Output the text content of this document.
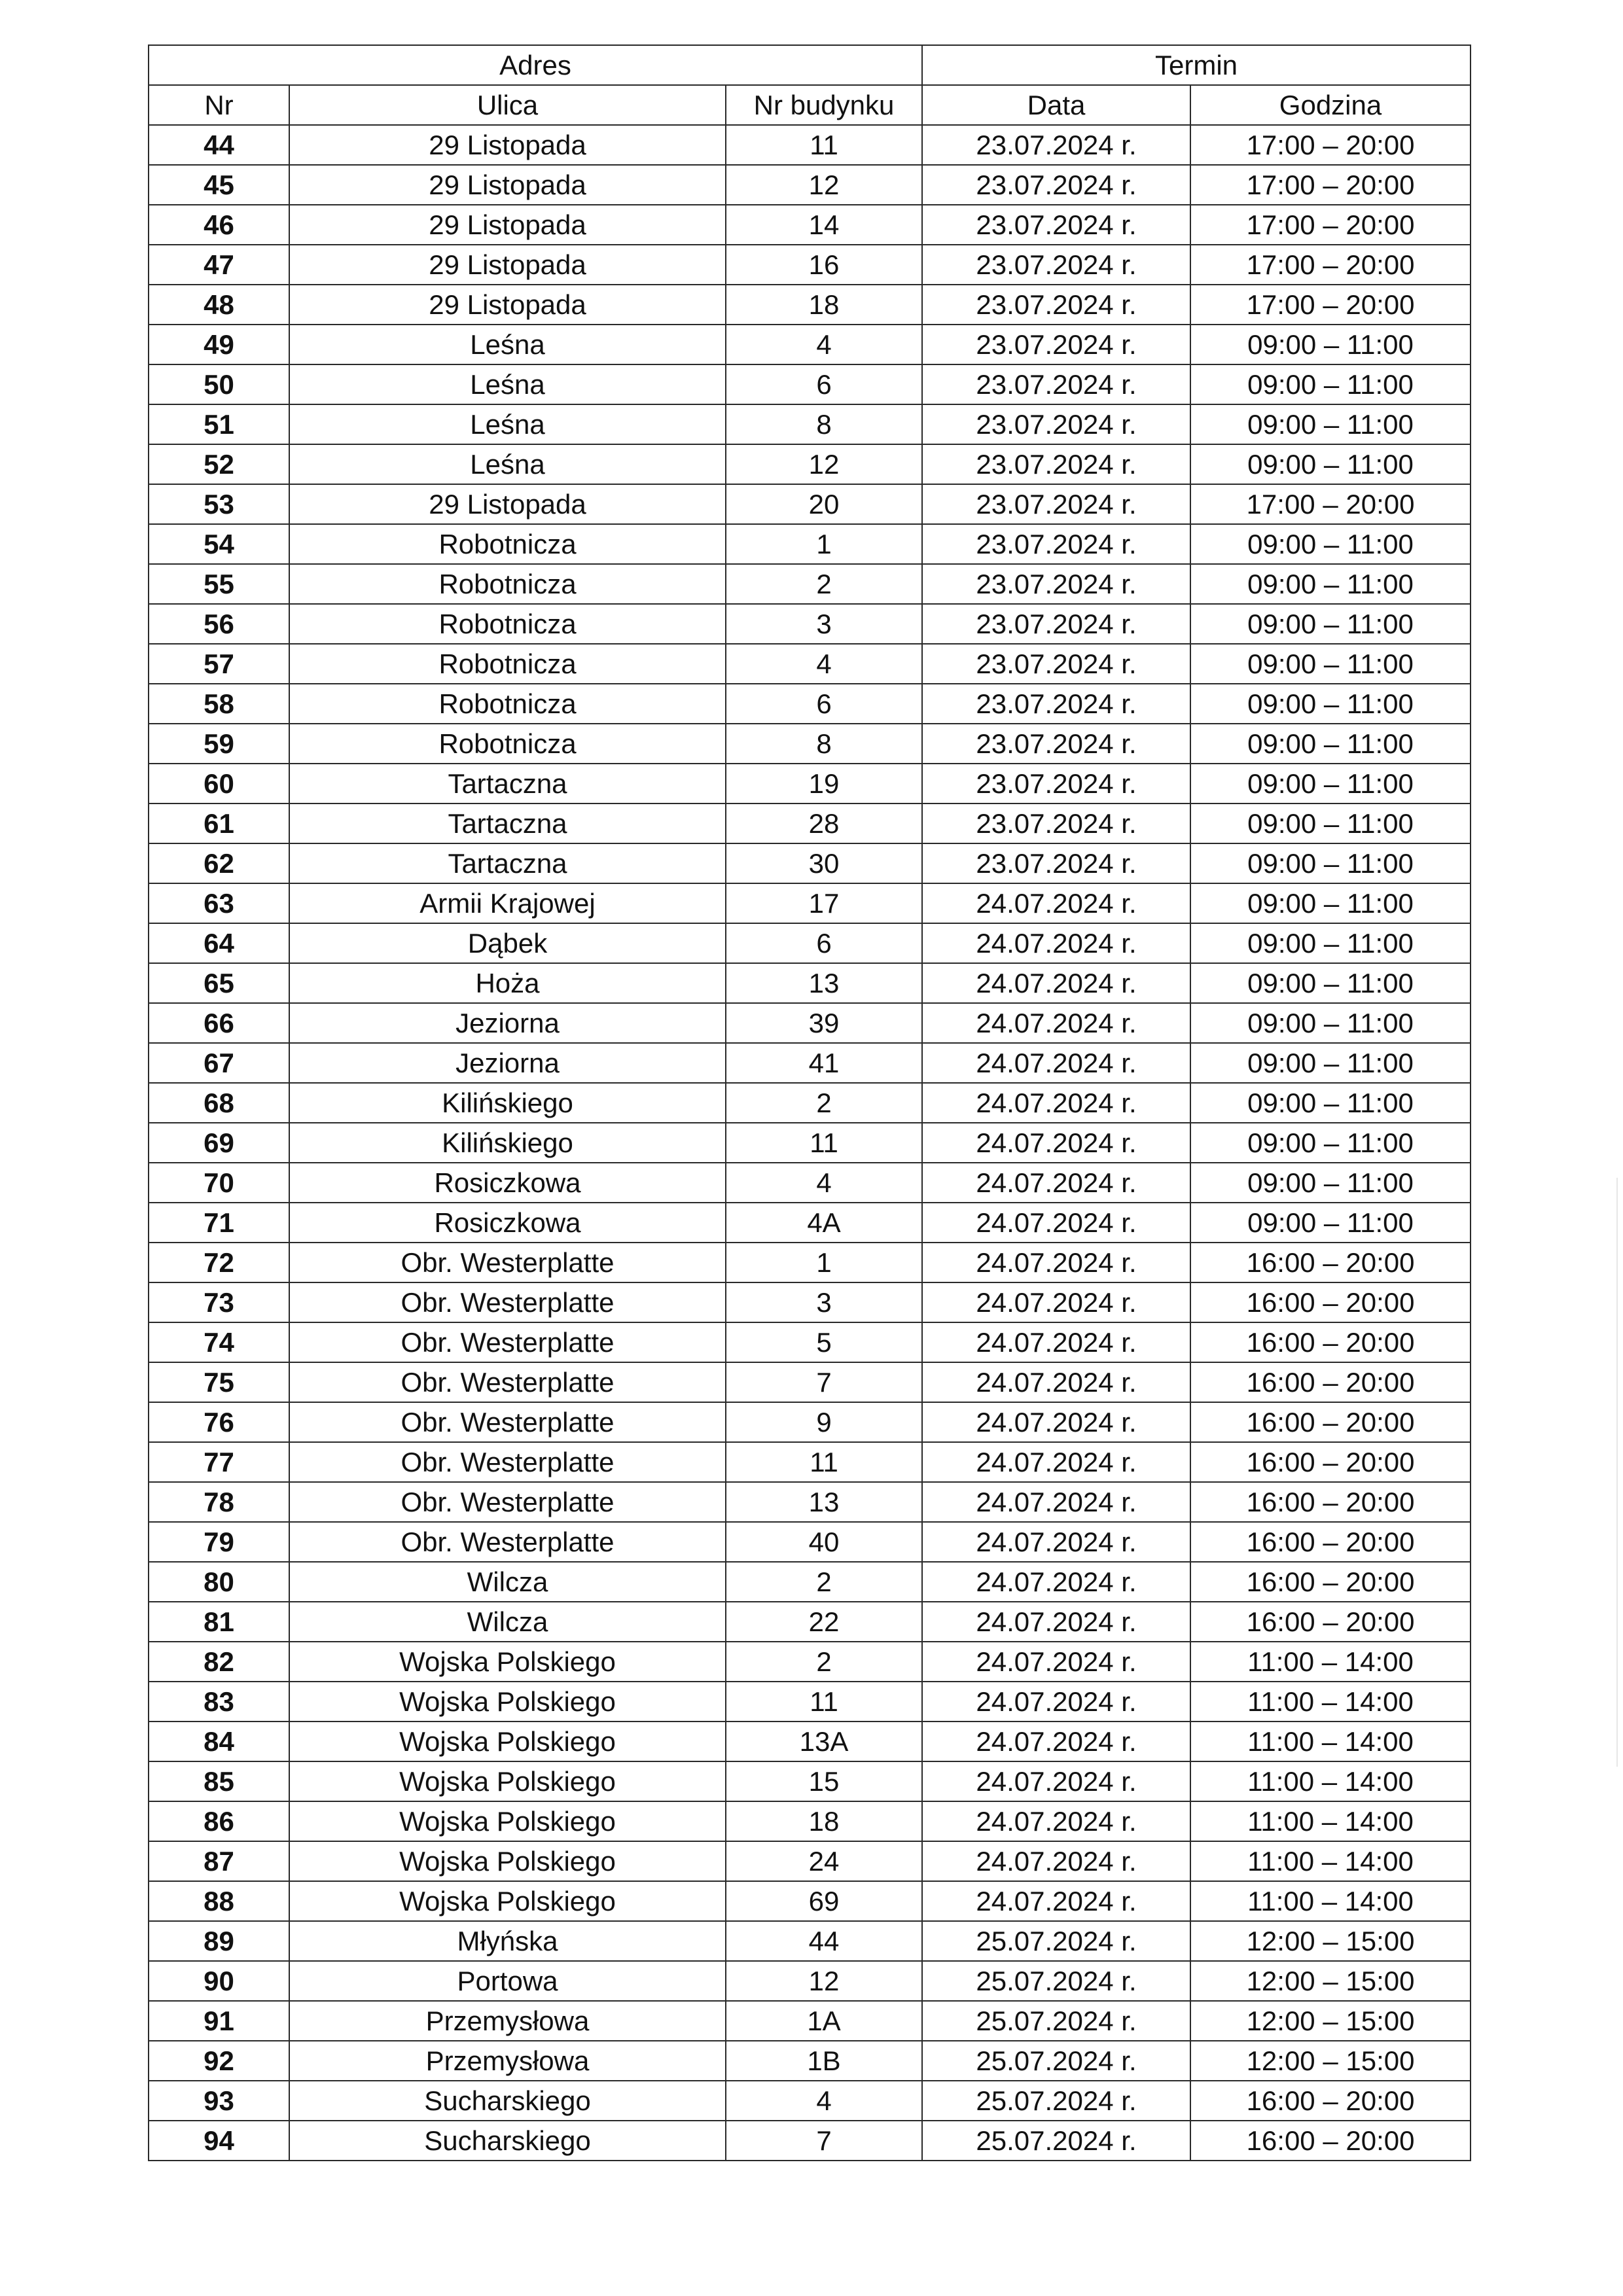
Adres			Termin	
Nr	Ulica	Nr budynku	Data	Godzina
44	29 Listopada	11	23.07.2024 r.	17:00 – 20:00
45	29 Listopada	12	23.07.2024 r.	17:00 – 20:00
46	29 Listopada	14	23.07.2024 r.	17:00 – 20:00
47	29 Listopada	16	23.07.2024 r.	17:00 – 20:00
48	29 Listopada	18	23.07.2024 r.	17:00 – 20:00
49	Leśna	4	23.07.2024 r.	09:00 – 11:00
50	Leśna	6	23.07.2024 r.	09:00 – 11:00
51	Leśna	8	23.07.2024 r.	09:00 – 11:00
52	Leśna	12	23.07.2024 r.	09:00 – 11:00
53	29 Listopada	20	23.07.2024 r.	17:00 – 20:00
54	Robotnicza	1	23.07.2024 r.	09:00 – 11:00
55	Robotnicza	2	23.07.2024 r.	09:00 – 11:00
56	Robotnicza	3	23.07.2024 r.	09:00 – 11:00
57	Robotnicza	4	23.07.2024 r.	09:00 – 11:00
58	Robotnicza	6	23.07.2024 r.	09:00 – 11:00
59	Robotnicza	8	23.07.2024 r.	09:00 – 11:00
60	Tartaczna	19	23.07.2024 r.	09:00 – 11:00
61	Tartaczna	28	23.07.2024 r.	09:00 – 11:00
62	Tartaczna	30	23.07.2024 r.	09:00 – 11:00
63	Armii Krajowej	17	24.07.2024 r.	09:00 – 11:00
64	Dąbek	6	24.07.2024 r.	09:00 – 11:00
65	Hoża	13	24.07.2024 r.	09:00 – 11:00
66	Jeziorna	39	24.07.2024 r.	09:00 – 11:00
67	Jeziorna	41	24.07.2024 r.	09:00 – 11:00
68	Kilińskiego	2	24.07.2024 r.	09:00 – 11:00
69	Kilińskiego	11	24.07.2024 r.	09:00 – 11:00
70	Rosiczkowa	4	24.07.2024 r.	09:00 – 11:00
71	Rosiczkowa	4A	24.07.2024 r.	09:00 – 11:00
72	Obr. Westerplatte	1	24.07.2024 r.	16:00 – 20:00
73	Obr. Westerplatte	3	24.07.2024 r.	16:00 – 20:00
74	Obr. Westerplatte	5	24.07.2024 r.	16:00 – 20:00
75	Obr. Westerplatte	7	24.07.2024 r.	16:00 – 20:00
76	Obr. Westerplatte	9	24.07.2024 r.	16:00 – 20:00
77	Obr. Westerplatte	11	24.07.2024 r.	16:00 – 20:00
78	Obr. Westerplatte	13	24.07.2024 r.	16:00 – 20:00
79	Obr. Westerplatte	40	24.07.2024 r.	16:00 – 20:00
80	Wilcza	2	24.07.2024 r.	16:00 – 20:00
81	Wilcza	22	24.07.2024 r.	16:00 – 20:00
82	Wojska Polskiego	2	24.07.2024 r.	11:00 – 14:00
83	Wojska Polskiego	11	24.07.2024 r.	11:00 – 14:00
84	Wojska Polskiego	13A	24.07.2024 r.	11:00 – 14:00
85	Wojska Polskiego	15	24.07.2024 r.	11:00 – 14:00
86	Wojska Polskiego	18	24.07.2024 r.	11:00 – 14:00
87	Wojska Polskiego	24	24.07.2024 r.	11:00 – 14:00
88	Wojska Polskiego	69	24.07.2024 r.	11:00 – 14:00
89	Młyńska	44	25.07.2024 r.	12:00 – 15:00
90	Portowa	12	25.07.2024 r.	12:00 – 15:00
91	Przemysłowa	1A	25.07.2024 r.	12:00 – 15:00
92	Przemysłowa	1B	25.07.2024 r.	12:00 – 15:00
93	Sucharskiego	4	25.07.2024 r.	16:00 – 20:00
94	Sucharskiego	7	25.07.2024 r.	16:00 – 20:00
